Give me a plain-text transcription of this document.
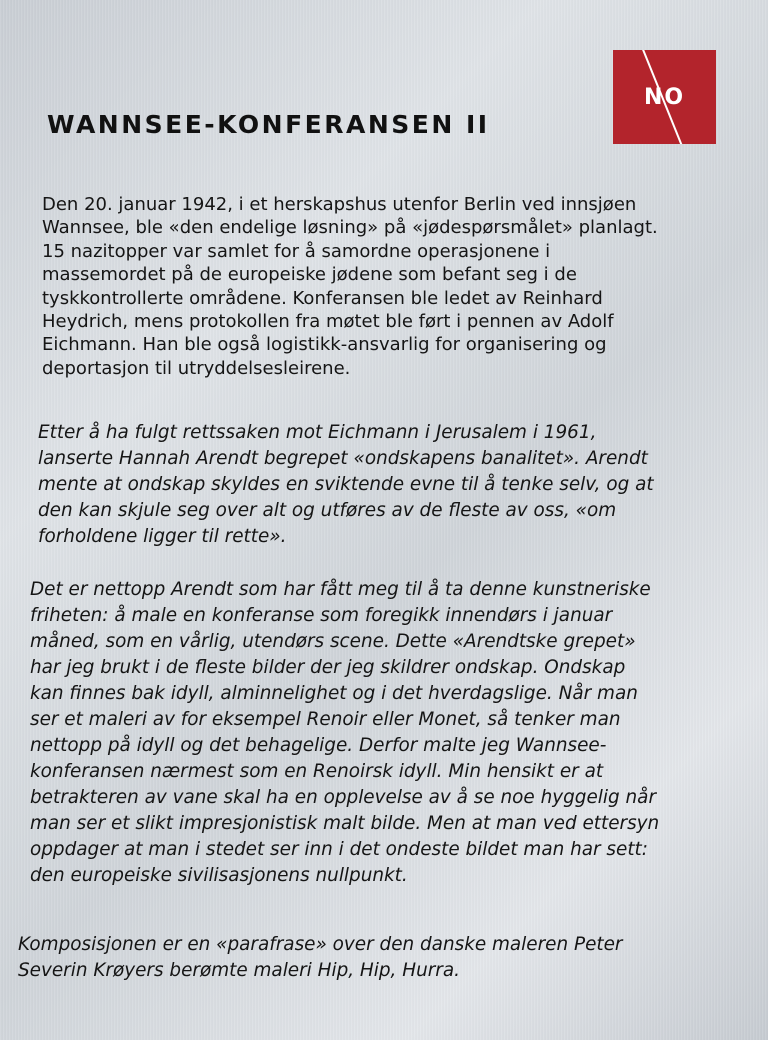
NO
WANNSEE-KONFERANSEN II

Den 20. januar 1942, i et herskapshus utenfor Berlin ved innsjøen
Wannsee, ble «den endelige løsning» på «jødespørsmålet» planlagt.
15 nazitopper var samlet for å samordne operasjonene i
massemordet på de europeiske jødene som befant seg i de
tyskkontrollerte områdene. Konferansen ble ledet av Reinhard
Heydrich, mens protokollen fra møtet ble ført i pennen av Adolf
Eichmann. Han ble også logistikk-ansvarlig for organisering og
deportasjon til utryddelsesleirene.

Etter å ha fulgt rettssaken mot Eichmann i Jerusalem i 1961,
lanserte Hannah Arendt begrepet «ondskapens banalitet». Arendt
mente at ondskap skyldes en sviktende evne til å tenke selv, og at
den kan skjule seg over alt og utføres av de fleste av oss, «om
forholdene ligger til rette».

Det er nettopp Arendt som har fått meg til å ta denne kunstneriske
friheten: å male en konferanse som foregikk innendørs i januar
måned, som en vårlig, utendørs scene. Dette «Arendtske grepet»
har jeg brukt i de fleste bilder der jeg skildrer ondskap. Ondskap
kan finnes bak idyll, alminnelighet og i det hverdagslige. Når man
ser et maleri av for eksempel Renoir eller Monet, så tenker man
nettopp på idyll og det behagelige. Derfor malte jeg Wannsee-
konferansen nærmest som en Renoirsk idyll. Min hensikt er at
betrakteren av vane skal ha en opplevelse av å se noe hyggelig når
man ser et slikt impresjonistisk malt bilde. Men at man ved ettersyn
oppdager at man i stedet ser inn i det ondeste bildet man har sett:
den europeiske sivilisasjonens nullpunkt.

Komposisjonen er en «parafrase» over den danske maleren Peter
Severin Krøyers berømte maleri Hip, Hip, Hurra.
